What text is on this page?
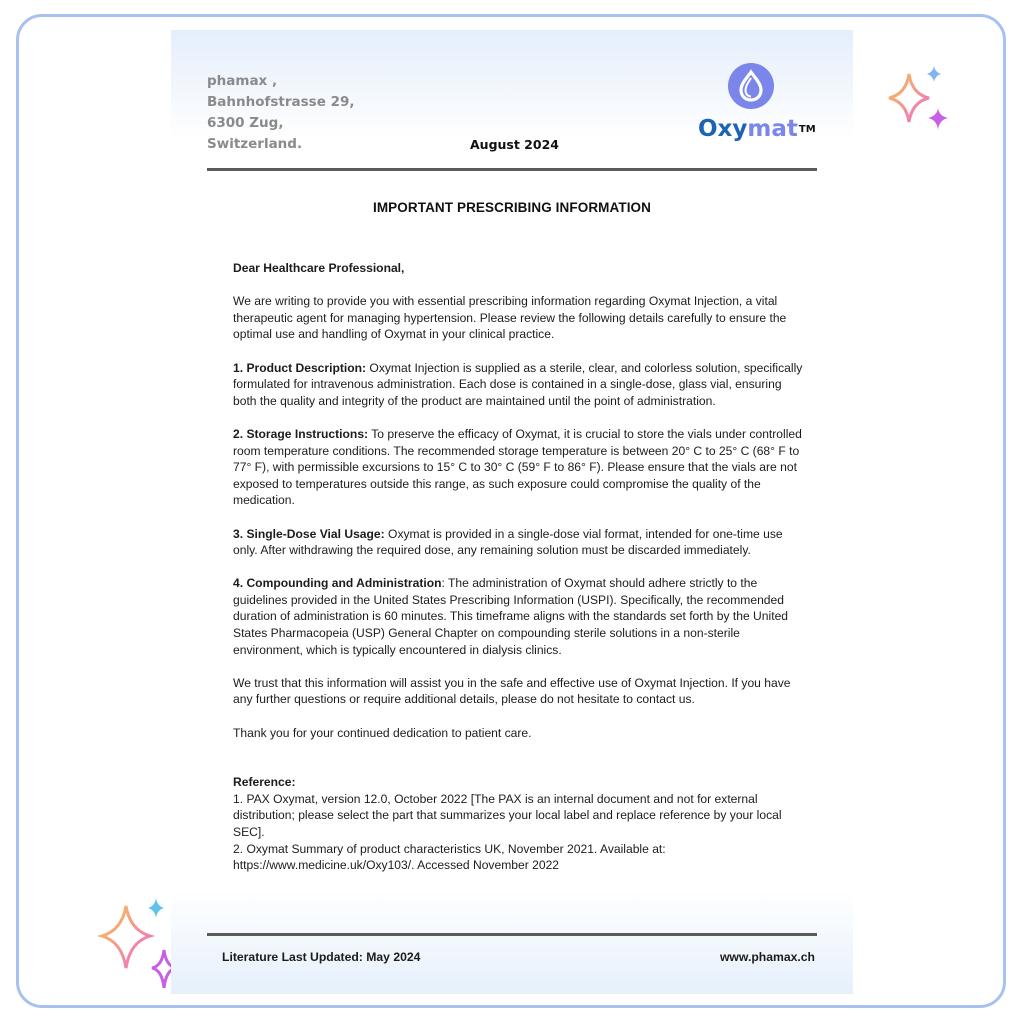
phamax ,
Bahnhofstrasse 29,
6300 Zug,
Switzerland.	August 2024
Oxymat™
IMPORTANT PRESCRIBING INFORMATION

Dear Healthcare Professional,

We are writing to provide you with essential prescribing information regarding Oxymat Injection, a vital therapeutic agent for managing hypertension. Please review the following details carefully to ensure the optimal use and handling of Oxymat in your clinical practice.

1. Product Description: Oxymat Injection is supplied as a sterile, clear, and colorless solution, specifically formulated for intravenous administration. Each dose is contained in a single-dose, glass vial, ensuring both the quality and integrity of the product are maintained until the point of administration.

2. Storage Instructions: To preserve the efficacy of Oxymat, it is crucial to store the vials under controlled room temperature conditions. The recommended storage temperature is between 20° C to 25° C (68° F to 77° F), with permissible excursions to 15° C to 30° C (59° F to 86° F). Please ensure that the vials are not exposed to temperatures outside this range, as such exposure could compromise the quality of the medication.

3. Single-Dose Vial Usage: Oxymat is provided in a single-dose vial format, intended for one-time use only. After withdrawing the required dose, any remaining solution must be discarded immediately.

4. Compounding and Administration: The administration of Oxymat should adhere strictly to the guidelines provided in the United States Prescribing Information (USPI). Specifically, the recommended duration of administration is 60 minutes. This timeframe aligns with the standards set forth by the United States Pharmacopeia (USP) General Chapter on compounding sterile solutions in a non-sterile environment, which is typically encountered in dialysis clinics.

We trust that this information will assist you in the safe and effective use of Oxymat Injection. If you have any further questions or require additional details, please do not hesitate to contact us.

Thank you for your continued dedication to patient care.

Reference:
1. PAX Oxymat, version 12.0, October 2022 [The PAX is an internal document and not for external distribution; please select the part that summarizes your local label and replace reference by your local SEC].
2. Oxymat Summary of product characteristics UK, November 2021. Available at: https://www.medicine.uk/Oxy103/. Accessed November 2022

Literature Last Updated: May 2024	www.phamax.ch
